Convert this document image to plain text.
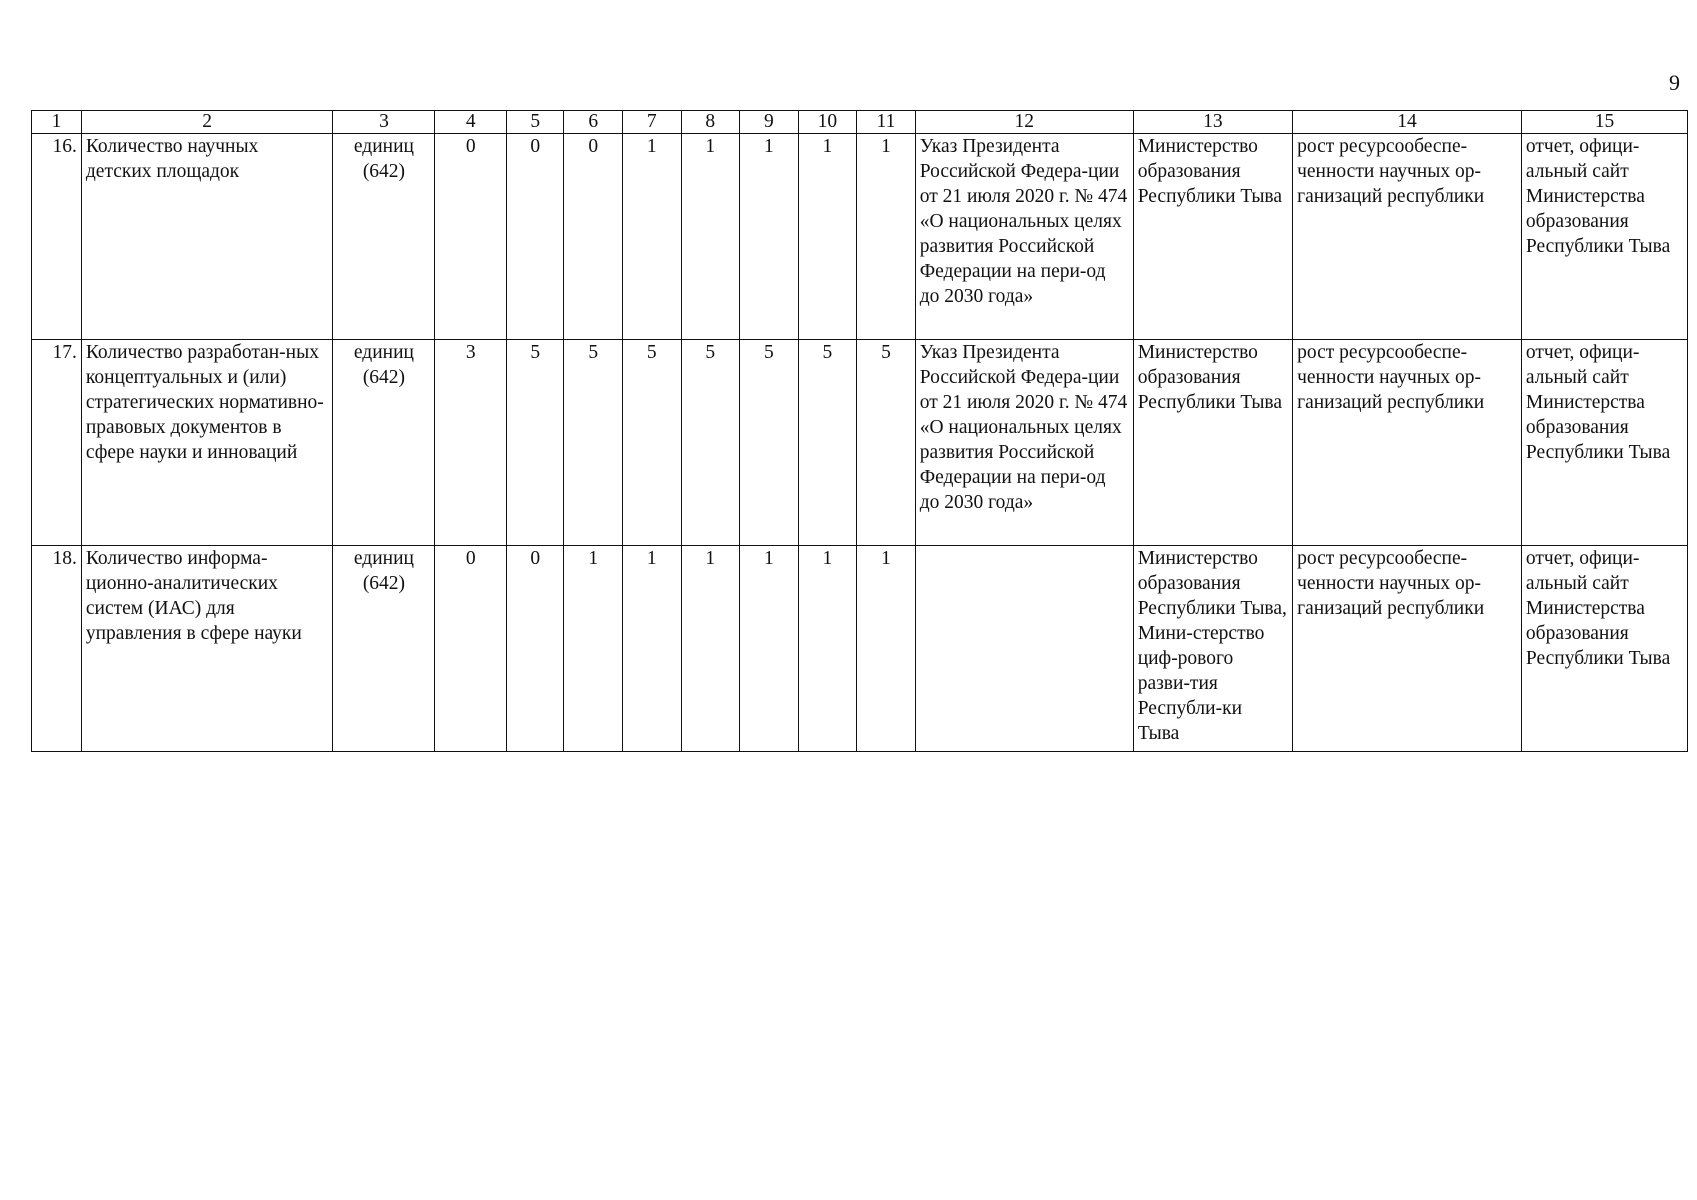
9
1	2	3	4	5	6	7	8	9	10	11	12	13	14	15
16.	Количество научных детских площадок	единиц (642)	0	0	0	1	1	1	1	1	Указ Президента Российской Федера-ции от 21 июля 2020 г. № 474 «О национальных целях развития Российской Федерации на пери-од до 2030 года»	Министерство образования Республики Тыва	рост ресурсообеспе-ченности научных ор-ганизаций республики	отчет, офици-альный сайт Министерства образования Республики Тыва
17.	Количество разработан-ных концептуальных и (или) стратегических нормативно-правовых документов в сфере науки и инноваций	единиц (642)	3	5	5	5	5	5	5	5	Указ Президента Российской Федера-ции от 21 июля 2020 г. № 474 «О национальных целях развития Российской Федерации на пери-од до 2030 года»	Министерство образования Республики Тыва	рост ресурсообеспе-ченности научных ор-ганизаций республики	отчет, офици-альный сайт Министерства образования Республики Тыва
18.	Количество информа-ционно-аналитических систем (ИАС) для управления в сфере науки	единиц (642)	0	0	1	1	1	1	1	1		Министерство образования Республики Тыва, Мини-стерство циф-рового разви-тия Республи-ки Тыва	рост ресурсообеспе-ченности научных ор-ганизаций республики	отчет, офици-альный сайт Министерства образования Республики Тыва
